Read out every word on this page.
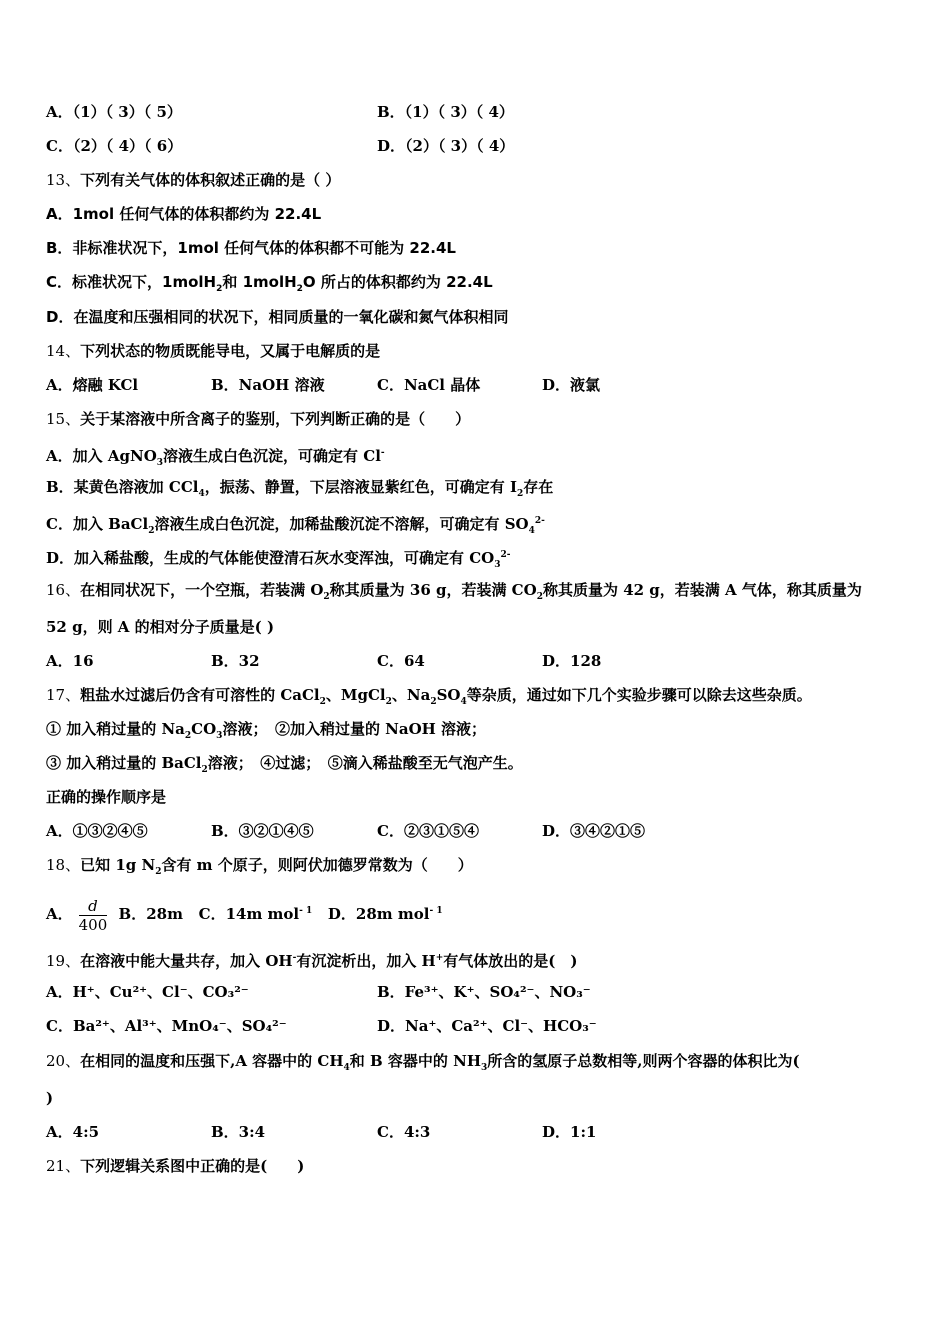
A．（1）（ 3）（ 5）	B．（1）（ 3）（ 4）
C．（2）（ 4）（ 6）	D．（2）（ 3）（ 4）
13、下列有关气体的体积叙述正确的是（ ）
A．1mol 任何气体的体积都约为 22.4L
B．非标准状况下，1mol 任何气体的体积都不可能为 22.4L
C．标准状况下，1molH$_2$和 1molH$_2$O 所占的体积都约为 22.4L
D．在温度和压强相同的状况下，相同质量的一氧化碳和氮气体积相同
14、下列状态的物质既能导电，又属于电解质的是
A．熔融 KCl	B．NaOH 溶液	C．NaCl 晶体	D．液氯
15、关于某溶液中所含离子的鉴别，下列判断正确的是（　　）
A．加入 AgNO$_3$溶液生成白色沉淀，可确定有 Cl-
B．某黄色溶液加 CCl$_4$，振荡、静置，下层溶液显紫红色，可确定有 $I_2$存在
C．加入 BaCl$_2$溶液生成白色沉淀，加稀盐酸沉淀不溶解，可确定有 $SO_4^{2-}$
D．加入稀盐酸，生成的气体能使澄清石灰水变浑浊，可确定有 $CO_3^{2-}$
16、在相同状况下，一个空瓶，若装满 $O_2$称其质量为 36 g，若装满 $CO_2$称其质量为 42 g，若装满 A 气体，称其质量为
52 g，则 A 的相对分子质量是( )
A．16	B．32	C．64	D．128
17、粗盐水过滤后仍含有可溶性的 CaCl$_2$、MgCl$_2$、$Na_2SO_4$等杂质，通过如下几个实验步骤可以除去这些杂质。
① 加入稍过量的 $Na_2CO_3$溶液；　②加入稍过量的 NaOH 溶液；
③ 加入稍过量的 BaCl$_2$溶液；　④过滤；　⑤滴入稀盐酸至无气泡产生。
正确的操作顺序是
A．①③②④⑤	B．③②①④⑤	C．②③①⑤④	D．③④②①⑤
18、已知 1g $N_2$含有 m 个原子，则阿伏加德罗常数为（　　）
A． $\frac{d}{400}$ B．28m C．14m mol$^{- 1}$ D．28m mol$^{- 1}$
19、在溶液中能大量共存，加入 OH-有沉淀析出，加入 H+有气体放出的是(　)
A．H⁺、Cu²⁺、Cl⁻、CO₃²⁻	B．Fe³⁺、K⁺、SO₄²⁻、NO₃⁻
C．Ba²⁺、Al³⁺、MnO₄⁻、SO₄²⁻	D．Na⁺、Ca²⁺、Cl⁻、HCO₃⁻
20、在相同的温度和压强下,A 容器中的 $CH_4$和 B 容器中的 $NH_3$所含的氢原子总数相等,则两个容器的体积比为(
)
A．4:5	B．3:4	C．4:3	D．1:1
21、下列逻辑关系图中正确的是(　　)
